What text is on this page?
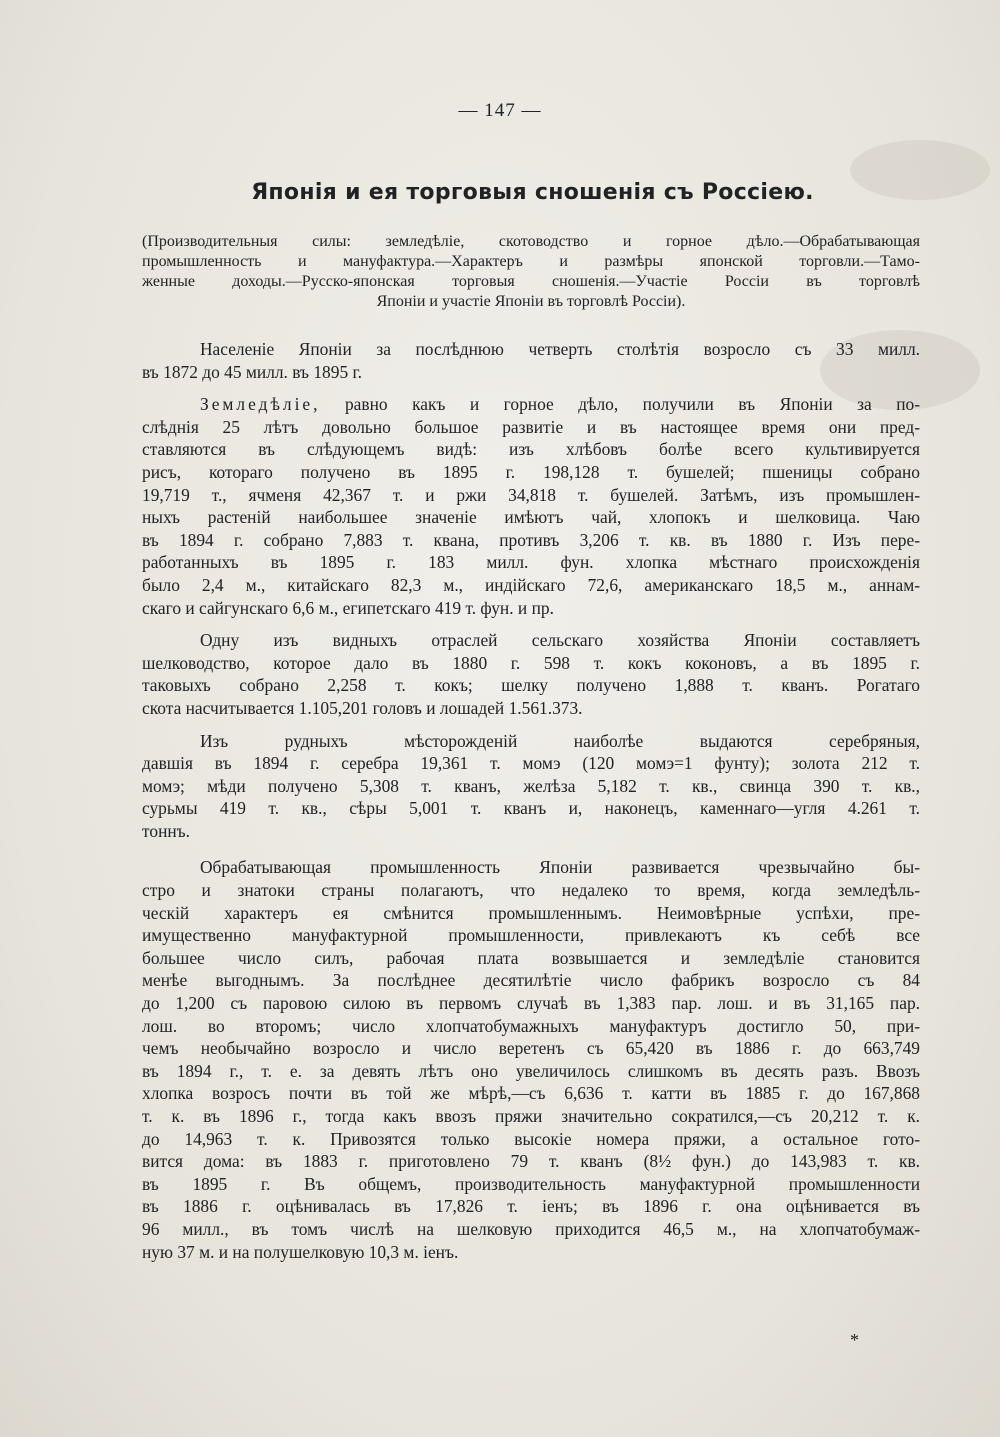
— 147 —
Японія и ея торговыя сношенія съ Россіею.
(Производительныя силы: земледѣліе, скотоводство и горное дѣло.—Обрабатывающая
промышленность и мануфактура.—Характеръ и размѣры японской торговли.—Тамо-
женные доходы.—Русско-японская торговыя сношенія.—Участіе Россіи въ торговлѣ
Японіи и участіе Японіи въ торговлѣ Россіи).
Населеніе Японіи за послѣднюю четверть столѣтія возросло съ 33 милл.
въ 1872 до 45 милл. въ 1895 г.
Земледѣліе, равно какъ и горное дѣло, получили въ Японіи за по-
слѣднія 25 лѣтъ довольно большое развитіе и въ настоящее время они пред-
ставляются въ слѣдующемъ видѣ: изъ хлѣбовъ болѣе всего культивируется
рисъ, котораго получено въ 1895 г. 198,128 т. бушелей; пшеницы собрано
19,719 т., ячменя 42,367 т. и ржи 34,818 т. бушелей. Затѣмъ, изъ промышлен-
ныхъ растеній наибольшее значеніе имѣютъ чай, хлопокъ и шелковица. Чаю
въ 1894 г. собрано 7,883 т. квана, противъ 3,206 т. кв. въ 1880 г. Изъ пере-
работанныхъ въ 1895 г. 183 милл. фун. хлопка мѣстнаго происхожденія
было 2,4 м., китайскаго 82,3 м., индійскаго 72,6, американскаго 18,5 м., аннам-
скаго и сайгунскаго 6,6 м., египетскаго 419 т. фун. и пр.
Одну изъ видныхъ отраслей сельскаго хозяйства Японіи составляетъ
шелководство, которое дало въ 1880 г. 598 т. кокъ коконовъ, а въ 1895 г.
таковыхъ собрано 2,258 т. кокъ; шелку получено 1,888 т. кванъ. Рогатаго
скота насчитывается 1.105,201 головъ и лошадей 1.561.373.
Изъ рудныхъ мѣсторожденій наиболѣе выдаются серебряныя,
давшія въ 1894 г. серебра 19,361 т. момэ (120 момэ=1 фунту); золота 212 т.
момэ; мѣди получено 5,308 т. кванъ, желѣза 5,182 т. кв., свинца 390 т. кв.,
сурьмы 419 т. кв., сѣры 5,001 т. кванъ и, наконецъ, каменнаго—угля 4.261 т.
тоннъ.
Обрабатывающая промышленность Японіи развивается чрезвычайно бы-
стро и знатоки страны полагаютъ, что недалеко то время, когда земледѣль-
ческій характеръ ея смѣнится промышленнымъ. Неимовѣрные успѣхи, пре-
имущественно мануфактурной промышленности, привлекаютъ къ себѣ все
большее число силъ, рабочая плата возвышается и земледѣліе становится
менѣе выгоднымъ. За послѣднее десятилѣтіе число фабрикъ возросло съ 84
до 1,200 съ паровою силою въ первомъ случаѣ въ 1,383 пар. лош. и въ 31,165 пар.
лош. во второмъ; число хлопчатобумажныхъ мануфактуръ достигло 50, при-
чемъ необычайно возросло и число веретенъ съ 65,420 въ 1886 г. до 663,749
въ 1894 г., т. е. за девять лѣтъ оно увеличилось слишкомъ въ десять разъ. Ввозъ
хлопка возросъ почти въ той же мѣрѣ,—съ 6,636 т. катти въ 1885 г. до 167,868
т. к. въ 1896 г., тогда какъ ввозъ пряжи значительно сократился,—съ 20,212 т. к.
до 14,963 т. к. Привозятся только высокіе номера пряжи, а остальное гото-
вится дома: въ 1883 г. приготовлено 79 т. кванъ (8½ фун.) до 143,983 т. кв.
въ 1895 г. Въ общемъ, производительность мануфактурной промышленности
въ 1886 г. оцѣнивалась въ 17,826 т. іенъ; въ 1896 г. она оцѣнивается въ
96 милл., въ томъ числѣ на шелковую приходится 46,5 м., на хлопчатобумаж-
ную 37 м. и на полушелковую 10,3 м. іенъ.
*
